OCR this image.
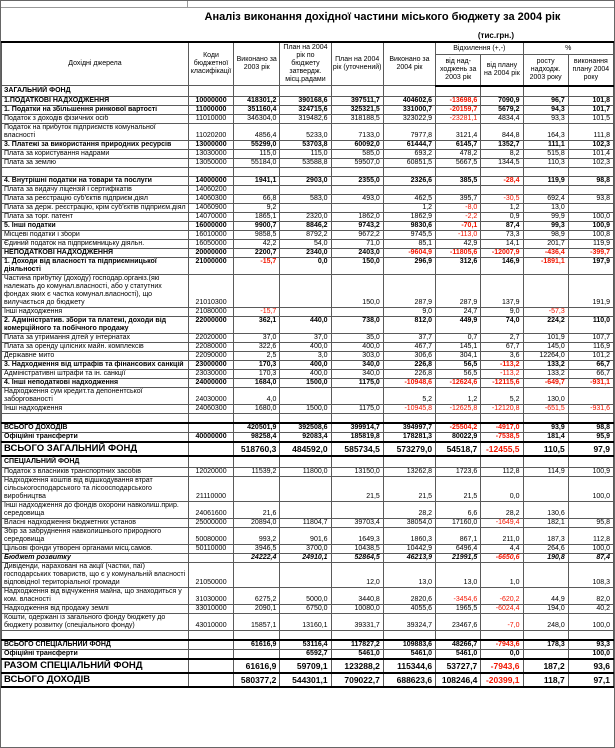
Аналіз виконання дохідної частини міського бюджету за 2004 рік
(тис.грн.)
Дохідні джерела	Коди бюджетної класифікації	Виконано за 2003 рік	План на 2004 рік по бюджету затвердж. місц.радами	План на 2004 рік (уточнений)	Виконано за 2004 рік	Відхилення (+,-)		%	
						від над- ходжень за 2003 рік	від плану на 2004 рік	росту надходж. 2003 року	виконання плану 2004 року
ЗАГАЛЬНИЙ ФОНД									
1.ПОДАТКОВІ НАДХОДЖЕННЯ	10000000	418301,2	390168,6	397511,7	404602,6	-13698,6	7090,9	96,7	101,8
1. Податки на збільшення ринкової вартості	11000000	351160,4	324715,6	325321,5	331000,7	-20159,7	5679,2	94,3	101,7
Податок з доходів фізичних осіб	11010000	346304,0	319482,6	318188,5	323022,9	-23281,1	4834,4	93,3	101,5
Податок на прибуток підприємств комунальної власності	11020200	4856,4	5233,0	7133,0	7977,8	3121,4	844,8	164,3	111,8
3. Платежі за використання природних ресурсів	13000000	55299,0	53703,8	60092,0	61444,7	6145,7	1352,7	111,1	102,3
Плата за користування надрами	13030000	115,0	115,0	585,0	693,2	478,2	8,2	515,8	101,4
Плата за землю	13050000	55184,0	53588,8	59507,0	60851,5	5667,5	1344,5	110,3	102,3

4. Внутрішні податки на товари та послуги	14000000	1941,1	2903,0	2355,0	2326,6	385,5	-28,4	119,9	98,8
Плата за видачу ліцензій і сертифікатів	14060200								
Плата за реєстрацію суб'єктів підприєм.діял	14060300	66,8	583,0	493,0	462,5	395,7	-30,5	692,4	93,8
Плата за держ. реєстрацію, крім суб'єктів підприєм.діял	14060900	9,2			1,2	-8,0	1,2	13,0	
Плата за торг. патент	14070000	1865,1	2320,0	1862,0	1862,9	-2,2	0,9	99,9	100,0
5. Інші податки	16000000	9900,7	8846,2	9743,2	9830,6	-70,1	87,4	99,3	100,9
Місцеві податки і збори	16010000	9858,5	8792,2	9672,2	9745,5	-113,0	73,3	98,9	100,8
Єдиний податок на підприємницьку діяльн.	16050000	42,2	54,0	71,0	85,1	42,9	14,1	201,7	119,9
НЕПОДАТКОВІ НАДХОДЖЕННЯ	20000000	2200,7	2340,0	2403,0	-9604,9	-11805,6	-12007,9	-436,4	-399,7
1. Доходи від власності та підприємницької діяльності	21000000	-15,7	0,0	150,0	296,9	312,6	146,9	-1891,1	197,9
Частина прибутку (доходу) господар.організ.(які належать до комунал.власності, або у статутних фондах яких є частка комунал.власності), що вилучається до бюджету	21010300			150,0	287,9	287,9	137,9		191,9
Інші надходження	21080000	-15,7			9,0	24,7	9,0	-57,3	
2. Адміністратив. збори та платежі, доходи від комерційного та побічного продажу	22000000	362,1	440,0	738,0	812,0	449,9	74,0	224,2	110,0
Плата за утримання дітей у інтернатах	22020000	37,0	37,0	35,0	37,7	0,7	2,7	101,9	107,7
Плата за оренду цілісних майн. комплексів	22080000	322,6	400,0	400,0	467,7	145,1	67,7	145,0	116,9
Державне мито	22090000	2,5	3,0	303,0	306,6	304,1	3,6	12264,0	101,2
3. Надходження від штрафів та фінансових санкцій	23000000	170,3	400,0	340,0	226,8	56,5	-113,2	133,2	66,7
Адміністративні штрафи та ін. санкції	23030000	170,3	400,0	340,0	226,8	56,5	-113,2	133,2	66,7
4. Інші неподаткові надходження	24000000	1684,0	1500,0	1175,0	-10948,6	-12624,6	-12115,6	-649,7	-931,1
Надходження сум кредит.та депонентської заборгованості	24030000	4,0			5,2	1,2	5,2	130,0	
Інші надходження	24060300	1680,0	1500,0	1175,0	-10945,8	-12625,8	-12120,8	-651,5	-931,6

ВСЬОГО ДОХОДІВ		420501,9	392508,6	399914,7	394997,7	-25504,2	-4917,0	93,9	98,8
Офіційні трансферти	40000000	98258,4	92083,4	185819,8	178281,3	80022,9	-7538,5	181,4	95,9
ВСЬОГО ЗАГАЛЬНИЙ ФОНД		518760,3	484592,0	585734,5	573279,0	54518,7	-12455,5	110,5	97,9
СПЕЦІАЛЬНИЙ ФОНД									
Податок з власників транспортних засобів	12020000	11539,2	11800,0	13150,0	13262,8	1723,6	112,8	114,9	100,9
Надходження коштів від відшкодування втрат сільськогосподарського та лісоосподарського виробництва	21110000			21,5	21,5	21,5	0,0		100,0
Інші надходження до фондів охорони навколиш.прир. середовища	24061600	21,6			28,2	6,6	28,2	130,6	
Власні надходження бюджетних установ	25000000	20894,0	11804,7	39703,4	38054,0	17160,0	-1649,4	182,1	95,8
Збір за забруднення навколишнього природного середовища	50080000	993,2	901,6	1649,3	1860,3	867,1	211,0	187,3	112,8
Цільові фонди утворені органами місц.самов.	50110000	3946,5	3700,0	10438,5	10442,9	6496,4	4,4	264,6	100,0
Бюджет розвитку		24222,4	24910,1	52864,5	46213,9	21991,5	-6650,6	190,8	87,4
Дивіденди, нараховані на акції (частки, паї) господарських товариств, що є у комунальній власності відповідної територіальної громади	21050000			12,0	13,0	13,0	1,0		108,3
Надходження від відчуження майна, що знаходиться у ком. власності	31030000	6275,2	5000,0	3440,8	2820,6	-3454,6	-620,2	44,9	82,0
Надходження від продажу землі	33010000	2090,1	6750,0	10080,0	4055,6	1965,5	-6024,4	194,0	40,2
Кошти, одержані із загального фонду бюджету до бюджету розвитку (спеціального фонду)	43010000	15857,1	13160,1	39331,7	39324,7	23467,6	-7,0	248,0	100,0

ВСЬОГО СПЕЦІАЛЬНИЙ ФОНД		61616,9	53116,4	117827,2	109883,6	48266,7	-7943,6	178,3	93,3
Офіційні трансферти			6592,7	5461,0	5461,0	5461,0	0,0		100,0
РАЗОМ СПЕЦІАЛЬНИЙ ФОНД		61616,9	59709,1	123288,2	115344,6	53727,7	-7943,6	187,2	93,6
ВСЬОГО ДОХОДІВ		580377,2	544301,1	709022,7	688623,6	108246,4	-20399,1	118,7	97,1
